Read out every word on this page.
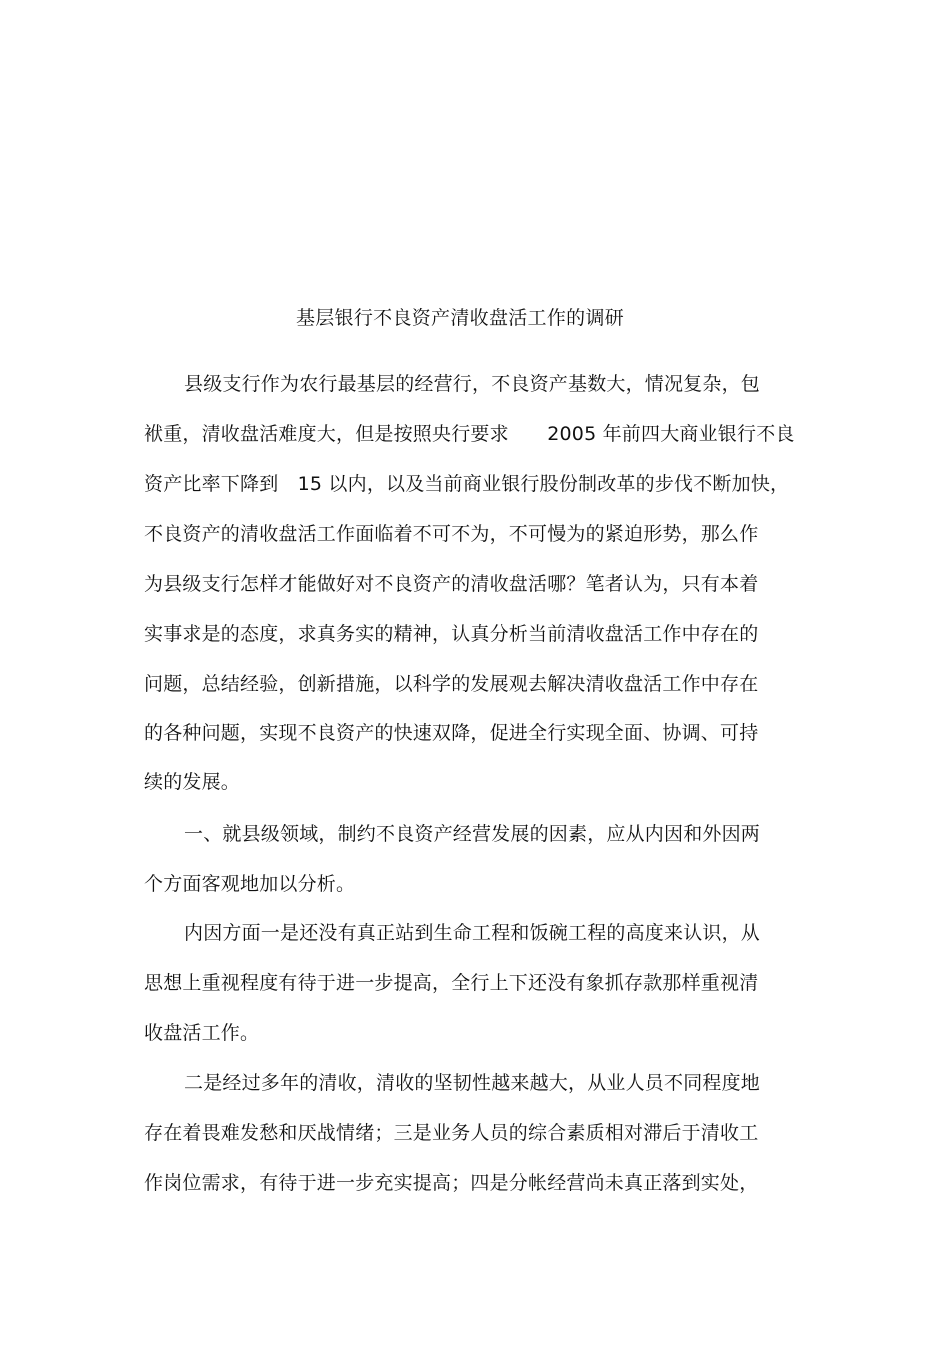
基层银行不良资产清收盘活工作的调研
县级支行作为农行最基层的经营行，不良资产基数大，情况复杂，包
袱重，清收盘活难度大，但是按照央行要求　　2005 年前四大商业银行不良
资产比率下降到　15 以内，以及当前商业银行股份制改革的步伐不断加快，
不良资产的清收盘活工作面临着不可不为，不可慢为的紧迫形势，那么作
为县级支行怎样才能做好对不良资产的清收盘活哪？笔者认为，只有本着
实事求是的态度，求真务实的精神，认真分析当前清收盘活工作中存在的
问题，总结经验，创新措施，以科学的发展观去解决清收盘活工作中存在
的各种问题，实现不良资产的快速双降，促进全行实现全面、协调、可持
续的发展。
一、就县级领域，制约不良资产经营发展的因素，应从内因和外因两
个方面客观地加以分析。
内因方面一是还没有真正站到生命工程和饭碗工程的高度来认识，从
思想上重视程度有待于进一步提高，全行上下还没有象抓存款那样重视清
收盘活工作。
二是经过多年的清收，清收的坚韧性越来越大，从业人员不同程度地
存在着畏难发愁和厌战情绪；三是业务人员的综合素质相对滞后于清收工
作岗位需求，有待于进一步充实提高；四是分帐经营尚未真正落到实处，
